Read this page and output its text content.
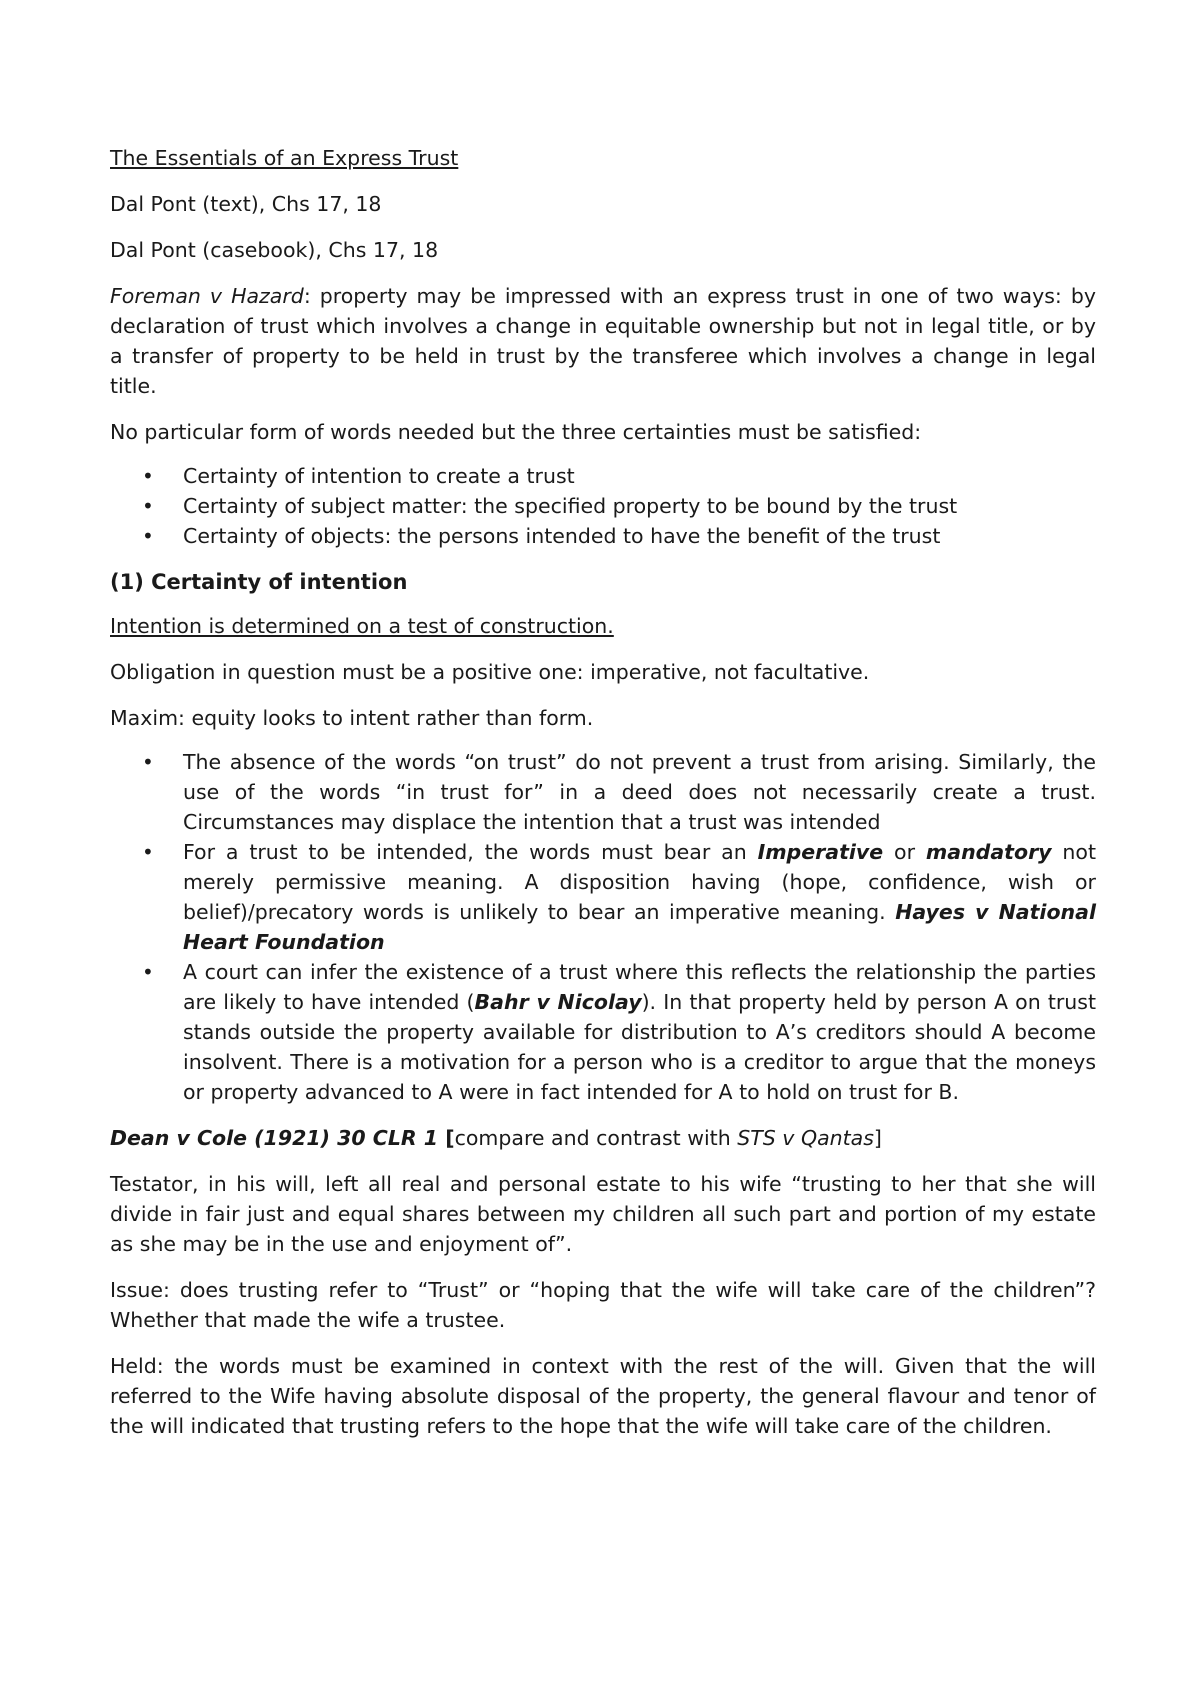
The Essentials of an Express Trust

Dal Pont (text), Chs 17, 18

Dal Pont (casebook), Chs 17, 18

Foreman v Hazard: property may be impressed with an express trust in one of two ways: by declaration of trust which involves a change in equitable ownership but not in legal title, or by a transfer of property to be held in trust by the transferee which involves a change in legal title.

No particular form of words needed but the three certainties must be satisfied:

• Certainty of intention to create a trust
• Certainty of subject matter: the specified property to be bound by the trust
• Certainty of objects: the persons intended to have the benefit of the trust

(1) Certainty of intention

Intention is determined on a test of construction.

Obligation in question must be a positive one: imperative, not facultative.

Maxim: equity looks to intent rather than form.

• The absence of the words “on trust” do not prevent a trust from arising. Similarly, the use of the words “in trust for” in a deed does not necessarily create a trust. Circumstances may displace the intention that a trust was intended
• For a trust to be intended, the words must bear an Imperative or mandatory not merely permissive meaning. A disposition having (hope, confidence, wish or belief)/precatory words is unlikely to bear an imperative meaning. Hayes v National Heart Foundation
• A court can infer the existence of a trust where this reflects the relationship the parties are likely to have intended (Bahr v Nicolay). In that property held by person A on trust stands outside the property available for distribution to A’s creditors should A become insolvent. There is a motivation for a person who is a creditor to argue that the moneys or property advanced to A were in fact intended for A to hold on trust for B.

Dean v Cole (1921) 30 CLR 1 [compare and contrast with STS v Qantas]

Testator, in his will, left all real and personal estate to his wife “trusting to her that she will divide in fair just and equal shares between my children all such part and portion of my estate as she may be in the use and enjoyment of”.

Issue: does trusting refer to “Trust” or “hoping that the wife will take care of the children”? Whether that made the wife a trustee.

Held: the words must be examined in context with the rest of the will. Given that the will referred to the Wife having absolute disposal of the property, the general flavour and tenor of the will indicated that trusting refers to the hope that the wife will take care of the children.
